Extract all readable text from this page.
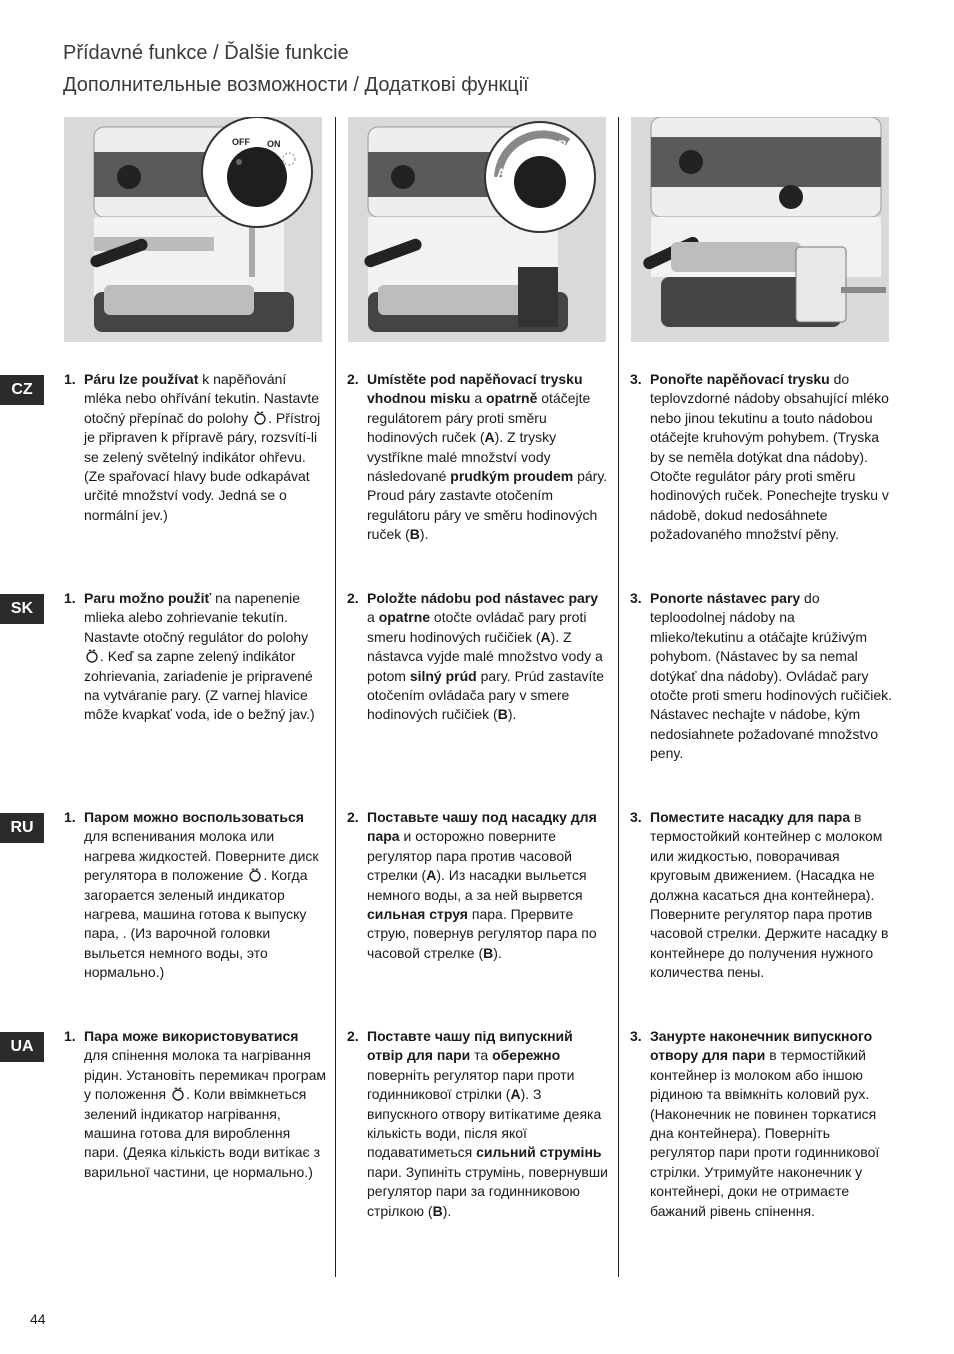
Přídavné funkce / Ďalšie funkcie
Дополнительные возможности / Додаткові функції
OFF ON
A
B
CZ
SK
RU
UA
1. Páru lze používat k napěňování mléka nebo ohřívání tekutin. Nastavte otočný přepínač do polohy . Přístroj je připraven k přípravě páry, rozsvítí-li se zelený světelný indikátor ohřevu. (Ze spařovací hlavy bude odkapávat určité množství vody. Jedná se o normální jev.)
2. Umístěte pod napěňovací trysku vhodnou misku a opatrně otáčejte regulátorem páry proti směru hodinových ruček (A). Z trysky vystříkne malé množství vody následované prudkým proudem páry. Proud páry zastavte otočením regulátoru páry ve směru hodinových ruček (B).
3. Ponořte napěňovací trysku do teplovzdorné nádoby obsahující mléko nebo jinou tekutinu a touto nádobou otáčejte kruhovým pohybem. (Tryska by se neměla dotýkat dna nádoby). Otočte regulátor páry proti směru hodinových ruček. Ponechejte trysku v nádobě, dokud nedosáhnete požadovaného množství pěny.
1. Paru možno použiť na napenenie mlieka alebo zohrievanie tekutín. Nastavte otočný regulátor do polohy . Keď sa zapne zelený indikátor zohrievania, zariadenie je pripravené na vytváranie pary. (Z varnej hlavice môže kvapkať voda, ide o bežný jav.)
2. Položte nádobu pod nástavec pary a opatrne otočte ovládač pary proti smeru hodinových ručičiek (A). Z nástavca vyjde malé množstvo vody a potom silný prúd pary. Prúd zastavíte otočením ovládača pary v smere hodinových ručičiek (B).
3. Ponorte nástavec pary do teploodolnej nádoby na mlieko/tekutinu a otáčajte krúživým pohybom. (Nástavec by sa nemal dotýkať dna nádoby). Ovládač pary otočte proti smeru hodinových ručičiek. Nástavec nechajte v nádobe, kým nedosiahnete požadované množstvo peny.
1. Паром можно воспользоваться для вспенивания молока или нагрева жидкостей. Поверните диск регулятора в положение . Когда загорается зеленый индикатор нагрева, машина готова к выпуску пара, . (Из варочной головки выльется немного воды, это нормально.)
2. Поставьте чашу под насадку для пара и осторожно поверните регулятор пара против часовой стрелки (A). Из насадки выльется немного воды, а за ней вырвется сильная струя пара. Прервите струю, повернув регулятор пара по часовой стрелке (B).
3. Поместите насадку для пара в термостойкий контейнер с молоком или жидкостью, поворачивая круговым движением. (Насадка не должна касаться дна контейнера). Поверните регулятор пара против часовой стрелки. Держите насадку в контейнере до получения нужного количества пены.
1. Пара може використовуватися для спінення молока та нагрівання рідин. Установіть перемикач програм у положення . Коли ввімкнеться зелений індикатор нагрівання, машина готова для вироблення пари. (Деяка кількість води витікає з варильної частини, це нормально.)
2. Поставте чашу під випускний отвір для пари та обережно поверніть регулятор пари проти годинникової стрілки (A). З випускного отвору витікатиме деяка кількість води, після якої подаватиметься сильний струмінь пари. Зупиніть струмінь, повернувши регулятор пари за годинниковою стрілкою (B).
3. Занурте наконечник випускного отвору для пари в термостійкий контейнер із молоком або іншою рідиною та ввімкніть коловий рух. (Наконечник не повинен торкатися дна контейнера). Поверніть регулятор пари проти годинникової стрілки. Утримуйте наконечник у контейнері, доки не отримаєте бажаний рівень спінення.
44
